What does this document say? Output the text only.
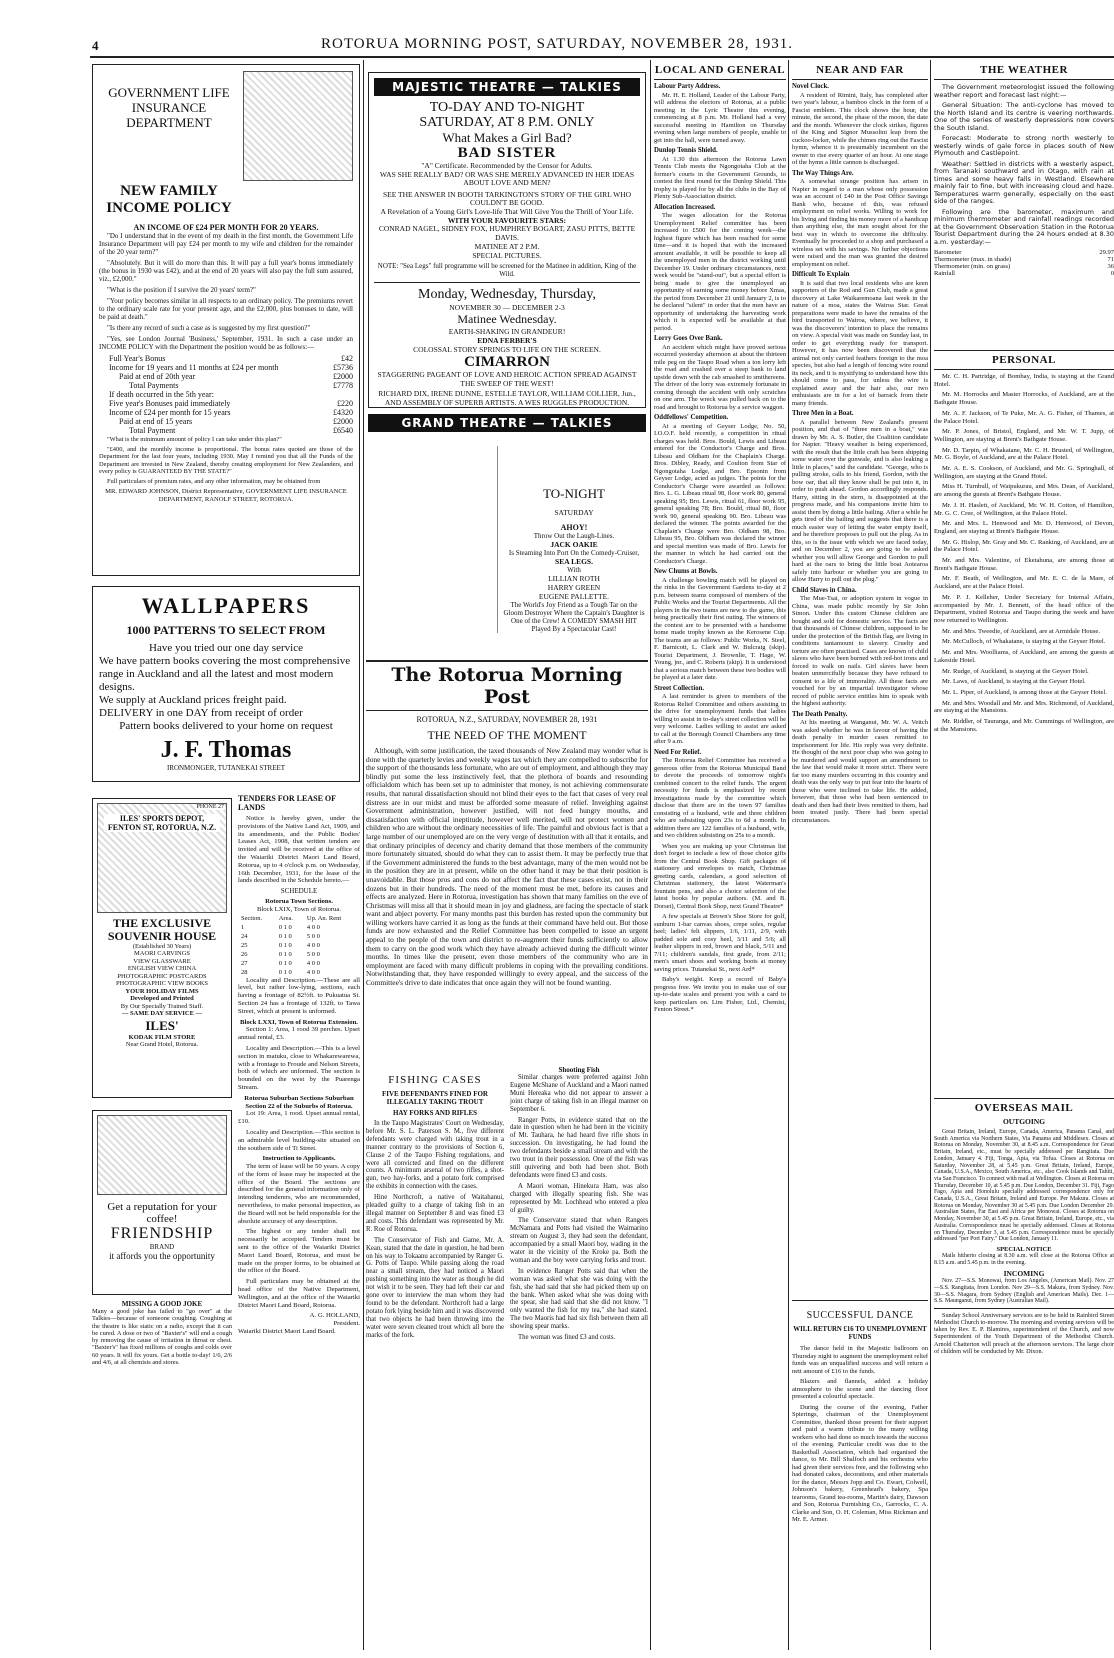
4	ROTORUA MORNING POST, SATURDAY, NOVEMBER 28, 1931.
GOVERNMENT LIFE INSURANCE DEPARTMENT
NEW FAMILY INCOME POLICY
AN INCOME OF £24 PER MONTH FOR 20 YEARS.

"Do I understand that in the event of my death in the first month, the Government Life Insurance Department will pay £24 per month to my wife and children for the remainder of the 20 year term?"

"Absolutely. But it will do more than this. It will pay a full year's bonus immediately (the bonus in 1930 was £42), and at the end of 20 years will also pay the full sum assured, viz., £2,000."

"What is the position if I survive the 20 years' term?"

"Your policy becomes similar in all respects to an ordinary policy. The premiums revert to the ordinary scale rate for your present age, and the £2,000, plus bonuses to date, will be paid at death."

"Is there any record of such a case as is suggested by my first question?"

"Yes, see London Journal 'Business,' September, 1931. In such a case under an INCOME POLICY with the Department the position would be as follows:—

Full Year's Bonus	£42
Income for 19 years and 11 months at £24 per month	£5736
Paid at end of 20th year	£2000
Total Payments	£7778
If death occurred in the 5th year:	
Five year's Bonuses paid immediately	£220
Income of £24 per month for 15 years	£4320
Paid at end of 15 years	£2000
Total Payment	£6540

"What is the minimum amount of policy I can take under this plan?"

"£400, and the monthly income is proportional. The bonus rates quoted are those of the Department for the last four years, including 1930. May I remind you that all the Funds of the Department are invested in New Zealand, thereby creating employment for New Zealanders, and every policy is GUARANTEED BY THE STATE?"

Full particulars of premium rates, and any other information, may be obtained from

MR. EDWARD JOHNSON, District Representative, GOVERNMENT LIFE INSURANCE DEPARTMENT, RANOLF STREET, ROTORUA.
WALLPAPERS
1000 PATTERNS TO SELECT FROM
Have you tried our one day service
We have pattern books covering the most comprehensive range in Auckland and all the latest and most modern designs.
We supply at Auckland prices freight paid.
DELIVERY in one DAY from receipt of order
Pattern books delivered to your home on request
J. F. Thomas
IRONMONGER, TUTANEKAI STREET
PHONE 27
ILES' SPORTS DEPOT, FENTON ST, ROTORUA, N.Z.
THE EXCLUSIVE SOUVENIR HOUSE
(Established 30 Years)
MAORI CARVINGS
VIEW GLASSWARE
ENGLISH VIEW CHINA
PHOTOGRAPHIC POSTCARDS
PHOTOGRAPHIC VIEW BOOKS
YOUR HOLIDAY FILMS
Developed and Printed
By Our Specially Trained Staff.
— SAME DAY SERVICE —
ILES'
KODAK FILM STORE
Near Grand Hotel, Rotorua.
Get a reputation for your coffee!
FRIENDSHIP
BRAND
it affords you the opportunity
MISSING A GOOD JOKE
Many a good joke has failed to "go over" at the Talkies—because of someone coughing. Coughing at the theatre is like static on a radio, except that it can be cured. A dose or two of "Baxter's" will end a cough by removing the cause of irritation in throat or chest. "Baxter's" has fixed millions of coughs and colds over 60 years. It will fix yours. Get a bottle to-day! 1/6, 2/6 and 4/6, at all chemists and stores.
TENDERS FOR LEASE OF LANDS

Notice is hereby given, under the provisions of the Native Land Act, 1909, and its amendments, and the Public Bodies' Leases Act, 1908, that written tenders are invited and will be received at the office of the Waiariki District Maori Land Board, Rotorua, up to 4 o'clock p.m. on Wednesday, 16th December, 1931, for the lease of the lands described in the Schedule hereto.—

SCHEDULE
Rotorua Town Sections.
Block LXIX, Town of Rotorua.
Section.	Area.	Up. An. Rent
1	0 1 0	4 0 0
24	0 1 0	5 0 0
25	0 1 0	4 0 0
26	0 1 0	5 0 0
27	0 1 0	4 0 0
28	0 1 0	4 0 0

Locality and Description.—These are all level, but rather low-lying, sections, each having a frontage of 82½ft. to Pukuatua St. Section 24 has a frontage of 132ft. to Tawa Street, which at present is unformed.

Block LXXI, Town of Rotorua Extension.

Section 1: Area, 1 rood 39 perches. Upset annual rental, £3.

Locality and Description.—This is a level section in matuku, close to Whakarewarewa, with a frontage to Froude and Nelson Streets, both of which are unformed. The section is bounded on the west by the Puarenga Stream.

Rotorua Suburban Sections Suburban Section 22 of the Suburbs of Rotorua.

Lot 19: Area, 1 rood. Upset annual rental, £10.

Locality and Description.—This section is an admirable level building-site situated on the southern side of Ti Street.

Instruction to Applicants.

The term of lease will be 50 years. A copy of the form of lease may be inspected at the office of the Board. The sections are described for the general information only of intending tenderers, who are recommended, nevertheless, to make personal inspection, as the Board will not be held responsible for the absolute accuracy of any description.

The highest or any tender shall not necessarily be accepted. Tenders must be sent to the office of the Waiariki District Maori Land Board, Rotorua, and must be made on the proper forms, to be obtained at the office of the Board.

Full particulars may be obtained at the head office of the Native Department, Wellington, and at the office of the Waiariki District Maori Land Board, Rotorua.

A. G. HOLLAND,
President.
Waiariki District Maori Land Board.
MAJESTIC THEATRE — TALKIES
TO-DAY AND TO-NIGHT
SATURDAY, AT 8 P.M. ONLY
What Makes a Girl Bad?
BAD SISTER
"A" Certificate. Recommended by the Censor for Adults.
WAS SHE REALLY BAD? OR WAS SHE MERELY ADVANCED IN HER IDEAS ABOUT LOVE AND MEN?
SEE THE ANSWER IN BOOTH TARKINGTON'S STORY OF THE GIRL WHO COULDN'T BE GOOD.
A Revelation of a Young Girl's Love-life That Will Give You the Thrill of Your Life.
WITH YOUR FAVOURITE STARS:
CONRAD NAGEL, SIDNEY FOX, HUMPHREY BOGART, ZASU PITTS, BETTE DAVIS.
MATINEE AT 2 P.M.
SPECIAL PICTURES.
NOTE: "Sea Legs" full programme will be screened for the Matinee in addition, King of the Wild.
Monday, Wednesday, Thursday,
NOVEMBER 30 — DECEMBER 2-3
Matinee Wednesday.
EARTH-SHAKING IN GRANDEUR!
EDNA FERBER'S
COLOSSAL STORY SPRINGS TO LIFE ON THE SCREEN.
CIMARRON
STAGGERING PAGEANT OF LOVE AND HEROIC ACTION SPREAD AGAINST THE SWEEP OF THE WEST!
RICHARD DIX, IRENE DUNNE, ESTELLE TAYLOR, WILLIAM COLLIER, Jun.,
AND ASSEMBLY OF SUPERB ARTISTS. A WES RUGGLES PRODUCTION.
GRAND THEATRE — TALKIES
TO-NIGHT
SATURDAY
AHOY!
Throw Out the Laugh-Lines.
JACK OAKIE
Is Steaming Into Port On the Comedy-Cruiser,
SEA LEGS.
With
LILLIAN ROTH
HARRY GREEN
EUGENE PALLETTE.
The World's Joy Friend as a Tough Tar on the Gloom Destroyer Where the Captain's Daughter is One of the Crew! A COMEDY SMASH HIT
Played By a Spectacular Cast!
The Rotorua Morning Post
ROTORUA, N.Z., SATURDAY, NOVEMBER 28, 1931
THE NEED OF THE MOMENT

Although, with some justification, the taxed thousands of New Zealand may wonder what is done with the quarterly levies and weekly wages tax which they are compelled to subscribe for the support of the thousands less fortunate, who are out of employment, and although they may blindly put some the less instinctively feel, that the plethora of boards and resounding officialdom which has been set up to administer that money, is not achieving commensurate results, that natural dissatisfaction should not blind their eyes to the fact that cases of very real distress are in our midst and must be afforded some measure of relief. Inveighing against Government administration, however justified, will not feed hungry mouths, and dissatisfaction with official ineptitude, however well merited, will not protect women and children who are without the ordinary necessities of life. The painful and obvious fact is that a large number of our unemployed are on the very verge of destitution with all that it entails, and that ordinary principles of decency and charity demand that those members of the community more fortunately situated, should do what they can to assist them. It may be perfectly true that if the Government administered the funds to the best advantage, many of the men would not be in the position they are in at present, while on the other hand it may be that their position is unavoidable. But those pros and cons do not affect the fact that these cases exist, not in their dozens but in their hundreds. The need of the moment must be met, before its causes and effects are analyzed. Here in Rotorua, investigation has shown that many families on the eve of Christmas will miss all that it should mean in joy and gladness, are facing the spectacle of stark want and abject poverty. For many months past this burden has rested upon the community but willing workers have carried it as long as the funds at their command have held out. But those funds are now exhausted and the Relief Committee has been compelled to issue an urgent appeal to the people of the town and district to re-augment their funds sufficiently to allow them to carry on the good work which they have already achieved during the difficult winter months. In times like the present, even those members of the community who are in employment are faced with many difficult problems in coping with the prevailing conditions. Notwithstanding that, they have responded willingly to every appeal, and the success of the Committee's drive to date indicates that once again they will not be found wanting.

FISHING CASES
FIVE DEFENDANTS FINED FOR ILLEGALLY TAKING TROUT
HAY FORKS AND RIFLES

In the Taupo Magistrates' Court on Wednesday, before Mr. S. L. Paterson S. M., five different defendants were charged with taking trout in a manner contrary to the provisions of Section 6, Clause 2 of the Taupo Fishing regulations, and were all convicted and fined on the different counts. A minimum arsenal of two rifles, a shot-gun, two hay-forks, and a potato fork comprised the exhibits in connection with the cases.

Hine Northcroft, a native of Waitahanui, pleaded guilty to a charge of taking fish in an illegal manner on September 8 and was fined £3 and costs. This defendant was represented by Mr. R. Roe of Rotorua.

The Conservator of Fish and Game, Mr. A. Kean, stated that the date in question, he had been on his way to Tokaanu accompanied by Ranger G. G. Potts of Taupo. While passing along the road near a small stream, they had noticed a Maori pushing something into the water as though he did not wish it to be seen. They had left their car and gone over to interview the man whom they had found to be the defendant. Northcroft had a large potato fork lying beside him and it was discovered that two objects he had been throwing into the water were seven cleaned trout which all bore the marks of the fork.

Shooting Fish

Similar charges were preferred against John Eugene McShane of Auckland and a Maori named Muni Hereaka who did not appear to answer a joint charge of taking fish in an illegal manner on September 6.

Ranger Potts, in evidence stated that on the date in question when he had been in the vicinity of Mt. Tauhara, he had heard five rifle shots in succession. On investigating, he had found the two defendants beside a small stream and with the two trout in their possession. One of the fish was still quivering and both had been shot. Both defendants were fined £3 and costs.

A Maori woman, Hinekura Ham, was also charged with illegally spearing fish. She was represented by Mr. Lochhead who entered a plea of guilty.

The Conservator stated that when Rangers McNamara and Potts had visited the Waimarino stream on August 3, they had seen the defendant, accompanied by a small Maori boy, wading in the water in the vicinity of the Kroke pa. Both the woman and the boy were carrying forks and trout.

In evidence Ranger Potts said that when the woman was asked what she was doing with the fish, she had said that she had picked them up on the bank. When asked what she was doing with the spear, she had said that she did not know. "I only wanted the fish for my tea," she had stated. The two Maoris had had six fish between them all showing spear marks.

The woman was fined £3 and costs.

LOCAL AND GENERAL
Labour Party Address.

Mr. H. E. Holland, Leader of the Labour Party, will address the electors of Rotorua, at a public meeting in the Lyric Theatre this evening, commencing at 8 p.m. Mr. Holland had a very successful meeting in Hamilton on Thursday evening when large numbers of people, unable to get into the hall, were turned away.

Dunlop Tennis Shield.

At 1.30 this afternoon the Rotorua Lawn Tennis Club meets the Ngongotaha Club at the former's courts in the Government Grounds, to contest the first round for the Dunlop Shield. This trophy is played for by all the clubs in the Bay of Plenty Sub-Association district.

Allocation Increased.

The wages allocation for the Rotorua Unemployment Relief committee has been increased to £500 for the coming week—the highest figure which has been reached for some time—and it is hoped that with the increased amount available, it will be possible to keep all the unemployed men in the district working until December 19. Under ordinary circumstances, next week would be "stand-out", but a special effort is being made to give the unemployed an opportunity of earning some money before Xmas, the period from December 21 until January 2, is to be declared "silent" in order that the men have an opportunity of undertaking the harvesting work which it is expected will be available at that period.

Lorry Goes Over Bank.

An accident which might have proved serious occurred yesterday afternoon at about the thirteen mile peg on the Taupo Road when a ton lorry left the road and crashed over a steep bank to land upside down with the cab smashed to smithereens. The driver of the lorry was extremely fortunate in coming through the accident with only scratches on one arm. The wreck was pulled back on to the road and brought to Rotorua by a service waggon.

Oddfellows' Competition.

At a meeting of Geyser Lodge, No. 50, I.O.O.F. held recently, a competition in ritual charges was held. Bros. Bould, Lewis and Libeau entered for the Conductor's Charge and Bros. Libeau and Oldham for the Chaplain's Charge. Bros. Dibley, Ready, and Coulton from Star of Ngongotaha Lodge, and Bro. Epsonin from Geyser Lodge, acted as judges. The points for the Conductor's Charge were awarded as follows: Bro. L. G. Libeau ritual 98, floor work 80, general speaking 95; Bro. Lewis, ritual 61, floor work 95, general speaking 78; Bro. Bould, ritual 80, floor work 90, general speaking 90. Bro. Libeau was declared the winner. The points awarded for the Chaplain's Charge were Bro. Oldham 98, Bro. Libeau 95, Bro. Oldham was declared the winner and special mention was made of Bro. Lewis for the manner in which he had carried out the Conductor's Charge.

New Chums at Bowls.

A challenge bowling match will be played on the rinks in the Government Gardens to-day at 2 p.m. between teams composed of members of the Public Works and the Tourist Departments. All the players in the two teams are new to the game, this being practically their first outing. The winners of the contest are to be presented with a handsome home made trophy known as the Kerosene Cup. The teams are as follows: Public Works, N. Steel, F. Barnicott, L. Clark and W. Bulcraig (skip). Tourist Department, J. Brownlie, T. Hage, W. Young, jnr., and C. Roberts (skip). It is understood that a serious match between these two bodies will be played at a later date.

Street Collection.

A last reminder is given to members of the Rotorua Relief Committee and others assisting in the drive for unemployment funds that ladies willing to assist in to-day's street collection will be very welcome. Ladies willing to assist are asked to call at the Borough Council Chambers any time after 9 a.m.

Need For Relief.

The Rotorua Relief Committee has received a generous offer from the Rotorua Municipal Band to devote the proceeds of tomorrow night's combined concert to the relief funds. The urgent necessity for funds is emphasized by recent investigations made by the committee which disclose that there are in the town 97 families consisting of a husband, wife and three children who are subsisting upon 23s to 6d a month. In addition there are 122 families of a husband, wife, and two children subsisting on 25s to a month.

When you are making up your Christmas list don't forget to include a few of those choice gifts from the Central Book Shop. Gift packages of stationery and envelopes to match, Christmas greeting cards, calendars, a good selection of Christmas stationery, the latest Waterman's fountain pens, and also a choice selection of the latest books by popular authors. (M. and B. Dorset), Central Book Shop, next Grand Theatre*

A few specials at Brown's Shoe Store for golf, sunburn 1-bar canvas shoes, crepe soles, regular heel; ladies' felt slippers, 1/6, 1/11, 2/9, with padded sole and cosy heel, 3/11 and 5/6; all leather slippers in red, brown and black, 5/11 and 7/11; children's sandals, first grade, from 2/11; men's smart shoes and working boots at money saving prices. Tutanekai St., next Ard*

Baby's weight. Keep a record of Baby's progress free. We invite you to make use of our up-to-date scales and present you with a card to keep particulars on. Lim Fisher, Ltd., Chemist, Fenton Street.*

NEAR AND FAR
Novel Clock.

A resident of Rimini, Italy, has completed after two year's labour, a bamboo clock in the form of a Fascist emblem. This clock shows the hour, the minute, the second, the phase of the moon, the date and the month. Whenever the clock strikes, figures of the King and Signor Mussolini leap from the cuckoo-locker, while the chimes ring out the Fascist hymn, whence it is presumably incumbent on the owner to rise every quarter of an hour. At one stage of the hymn a little cannon is discharged.

The Way Things Are.

A somewhat strange position has arisen in Napier in regard to a man whose only possession was an account of £40 in the Post Office Savings Bank who, because of this, was refused employment on relief works. Willing to work for his living and finding his money more of a handicap than anything else, the man sought about for the best way in which to overcome the difficulty. Eventually he proceeded to a shop and purchased a wireless set with his savings. No further objections were raised and the man was granted the desired employment on relief.

Difficult To Explain

It is said that two local residents who are keen supporters of the Rod and Gun Club, made a great discovery at Lake Waikaremoana last week in the nature of a moa, states the Wairoa Star. Great preparations were made to have the remains of the bird transported to Wairoa, where, we believe, it was the discoverers' intention to place the remains on view. A special visit was made on Sunday last, in order to get everything ready for transport. However, it has now been discovered that the animal not only carried feathers foreign to the moa species, but also had a length of fencing wire round its neck, and it is mystifying to understand how this should come to pass, for unless the wire is explained away and the hair also, our two enthusiasts are in for a lot of barrack from their many friends.

Three Men in a Boat.

A parallel between New Zealand's present position, and that of "three men in a boat," was drawn by Mr. A. S. Butler, the Coalition candidate for Napier. "Heavy weather is being experienced, with the result that the little craft has been shipping some water over the gunwale, and is also leaking a little in places," said the candidate. "George, who is pulling stroke, calls to his friend, Gordon, with the bow oar, that all they know shall be put into it, in order to push ahead. Gordon accordingly responds. Harry, sitting in the stern, is disappointed at the progress made, and his companions invite him to assist them by doing a little bailing. After a while he gets tired of the bailing and suggests that there is a much easier way of letting the water empty itself, and he therefore proposes to pull out the plug. As in this, so is the issue with which we are faced today, and on December 2, you are going to be asked whether you will allow George and Gordon to pull hard at the oars to bring the little boat Aotearoa safely into harbour or whether you are going to allow Harry to pull out the plug."

Child Slaves in China.

The Mue-Tsai, or adoption system in vogue in China, was made public recently by Sir John Simon. Under this custom Chinese children are bought and sold for domestic service. The facts are that thousands of Chinese children, supposed to be under the protection of the British flag, are living in conditions tantamount to slavery. Cruelty and torture are often practised. Cases are known of child slaves who have been burned with red-hot irons and forced to walk on nails. Girl slaves have been beaten unmercifully because they have refused to consent to a life of immorality. All these facts are vouched for by an impartial investigator whose record of public service entitles him to speak with the highest authority.

The Death Penalty.

At his meeting at Wanganui, Mr. W. A. Veitch was asked whether he was in favour of having the death penalty in murder cases remitted to imprisonment for life. His reply was very definite. He thought of the next poor chap who was going to be murdered and would support an amendment to the law that would make it more strict. There were far too many murders occurring in this country and death was the only way to put fear into the hearts of those who were inclined to take life. He added, however, that those who had been sentenced to death and then had their lives remitted to them, had been treated justly. There had been special circumstances.

SUCCESSFUL DANCE
WILL RETURN £16 TO UNEMPLOYMENT FUNDS

The dance held in the Majestic ballroom on Thursday night to augment the unemployment relief funds was an unqualified success and will return a nett amount of £16 to the funds.

Blazers and flannels, added a holiday atmosphere to the scene and the dancing floor presented a colourful spectacle.

During the course of the evening, Father Spierings, chairman of the Unemployment Committee, thanked those present for their support and paid a warm tribute to the many willing workers who had done so much towards the success of the evening. Particular credit was due to the Basketball Association, which had organised the dance, to Mr. Bill Shalfoch and his orchestra who had given their services free, and the following who had donated cakes, decorations, and other materials for the dance, Messrs Jopp and Co. Ewart, Colwell, Johnson's bakery, Greenhead's bakery, Spa tearooms, Grand tea-rooms, Martin's dairy, Dawson and Son, Rotorua Furnishing Co., Garrocks, C. A. Clarke and Son, O. H. Coleman, Miss Rickman and Mr. E. Armer.

THE WEATHER

The Government meteorologist issued the following weather report and forecast last night:—

General Situation: The anti-cyclone has moved to the North Island and its centre is veering northwards. One of the series of westerly depressions now covers the South Island.

Forecast: Moderate to strong north westerly to westerly winds of gale force in places south of New Plymouth and Castlepoint.

Weather: Settled in districts with a westerly aspect, from Taranaki southward and in Otago, with rain at times and some heavy falls in Westland. Elsewhere mainly fair to fine, but with increasing cloud and haze. Temperatures warm generally, especially on the east side of the ranges.

Following are the barometer, maximum and minimum thermometer and rainfall readings recorded at the Government Observation Station in the Rotorua Tourist Department during the 24 hours ended at 8.30 a.m. yesterday:—

Barometer	29.97
Thermometer (max. in shade)	71
Thermometer (min. on grass)	36
Rainfall	0
PERSONAL

Mr. C. H. Partridge, of Bombay, India, is staying at the Grand Hotel.

Mr. M. Horrocks and Master Horrocks, of Auckland, are at the Bathgate House.

Mr. A. F. Jackson, of Te Puke, Mr. A. G. Fisher, of Thames, at the Palace Hotel.

Mr. P. Jones, of Bristol, England, and Mr. W. T. Jupp, of Wellington, are staying at Brent's Bathgate House.

Mr. D. Tarpin, of Whakatane, Mr. C. H. Brusted, of Wellington, Mr. G. Boyle, of Auckland, are at the Palace Hotel.

Mr. A. E. S. Cookson, of Auckland, and Mr. G. Springhall, of Wellington, are staying at the Grand Hotel.

Miss H. Turnbull, of Waipukurau, and Mrs. Dean, of Auckland, are among the guests at Brent's Bathgate House.

Mr. J. H. Haslett, of Auckland, Mr. W. H. Cotton, of Hamilton, Mr. G. C. Cree, of Wellington, at the Palace Hotel.

Mr. and Mrs. L. Henwood and Mr. D. Henwood, of Devon, England, are staying at Brent's Bathgate House.

Mr. G. Hislop, Mr. Gray and Mr. C. Ranking, of Auckland, are at the Palace Hotel.

Mr. and Mrs. Valentine, of Eketahuna, are among those at Brent's Bathgate House.

Mr. F. Beath, of Wellington, and Mr. E. C. de la Mare, of Auckland, are at the Palace Hotel.

Mr. P. J. Kelleher, Under Secretary for Internal Affairs, accompanied by Mr. J. Bennett, of the head office of the Department, visited Rotorua and Taupo during the week and have now returned to Wellington.

Mr. and Mrs. Tweedie, of Auckland, are at Armidale House.

Mr. McCulloch, of Whakatane, is staying at the Geyser Hotel.

Mr. and Mrs. Woolliams, of Auckland, are among the guests at Lakeside Hotel.

Mr. Rudge, of Auckland, is staying at the Geyser Hotel.

Mr. Laws, of Auckland, is staying at the Geyser Hotel.

Mr. L. Piper, of Auckland, is among those at the Geyser Hotel.

Mr. and Mrs. Woodall and Mr. and Mrs. Richmond, of Auckland, are staying at the Mansions.

Mr. Riddler, of Tauranga, and Mr. Cummings of Wellington, are at the Mansions.

OVERSEAS MAIL
OUTGOING

Great Britain, Ireland, Europe, Canada, America, Panama Canal, and South America via Northern States, Via Panama and Middlesex. Closes at Rotorua on Monday, November 30, at 8.45 a.m. Correspondence for Great Britain, Ireland, etc., must be specially addressed per Rangitata. Due London, January 4. Fiji, Tonga, Apia, via Tofua. Closes at Rotorua on Saturday, November 28, at 5.45 p.m. Great Britain, Ireland, Europe, Canada, U.S.A., Mexico, South America, etc., also Cook Islands and Tahiti, via San Francisco. To connect with mail at Wellington. Closes at Rotorua on Thursday, December 10, at 5.45 p.m. Due London, December 31. Fiji, Fago Fago, Apia and Honolulu specially addressed correspondence only for Canada, U.S.A., Great Britain, Ireland and Europe. Per Makura. Closes at Rotorua on Monday, November 30 at 5.45 p.m. Due London December 29. Australian States, Far East and Africa per Monowai. Closes at Rotorua on Monday, November 30, at 5.45 p.m. Great Britain, Ireland, Europe, etc., via Australia. Correspondence must be specially addressed. Closes at Rotorua on Thursday, December 3, at 5.45 p.m. Correspondence must be specially addressed "per Port Fairy." Due London, January 11.

SPECIAL NOTICE

Mails hitherto closing at 8.30 a.m. will close at the Rotorua Office at 8.15 a.m. and 5.45 p.m. in the evening.

INCOMING

Nov. 27—S.S. Monowai, from Los Angeles, (American Mail). Nov. 27—S.S. Rangitata, from London. Nov 29—S.S. Makura, from Sydney. Nov. 30—S.S. Niagara, from Sydney (English and American Mails). Dec. 1—S.S. Maunganui, from Sydney (Australian Mail).

Sunday School Anniversary services are to be held in Rainbird Street Methodist Church to-morrow. The morning and evening services will be taken by Rev. E. P. Blamires, superintendent of the Church, and now Superintendent of the Youth Department of the Methodist Church. Arnold Chatterton will preach at the afternoon services. The large choir of children will be conducted by Mr. Dixon.
